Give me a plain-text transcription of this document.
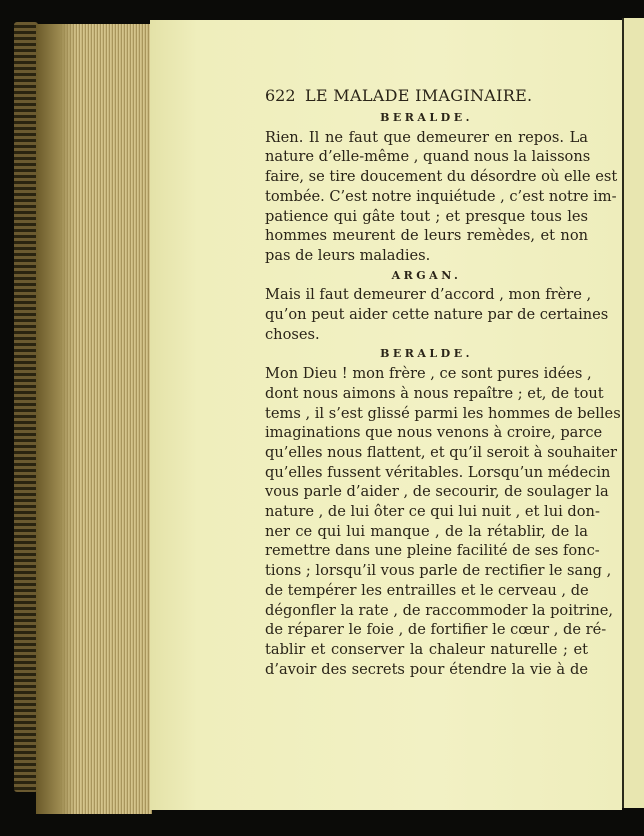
622 LE MALADE IMAGINAIRE.
BERALDE.
Rien. Il ne faut que demeurer en repos. La
nature d’elle-même , quand nous la laissons
faire, se tire doucement du désordre où elle est
tombée. C’est notre inquiétude , c’est notre im-
patience qui gâte tout ; et presque tous les
hommes meurent de leurs remèdes, et non
pas de leurs maladies.
ARGAN.
Mais il faut demeurer d’accord , mon frère ,
qu’on peut aider cette nature par de certaines
choses.
BERALDE.
Mon Dieu ! mon frère , ce sont pures idées ,
dont nous aimons à nous repaître ; et, de tout
tems , il s’est glissé parmi les hommes de belles
imaginations que nous venons à croire, parce
qu’elles nous flattent, et qu’il seroit à souhaiter
qu’elles fussent véritables. Lorsqu’un médecin
vous parle d’aider , de secourir, de soulager la
nature , de lui ôter ce qui lui nuit , et lui don-
ner ce qui lui manque , de la rétablir, de la
remettre dans une pleine facilité de ses fonc-
tions ; lorsqu’il vous parle de rectifier le sang ,
de tempérer les entrailles et le cerveau , de
dégonfler la rate , de raccommoder la poitrine,
de réparer le foie , de fortifier le cœur , de ré-
tablir et conserver la chaleur naturelle ; et
d’avoir des secrets pour étendre la vie à de
